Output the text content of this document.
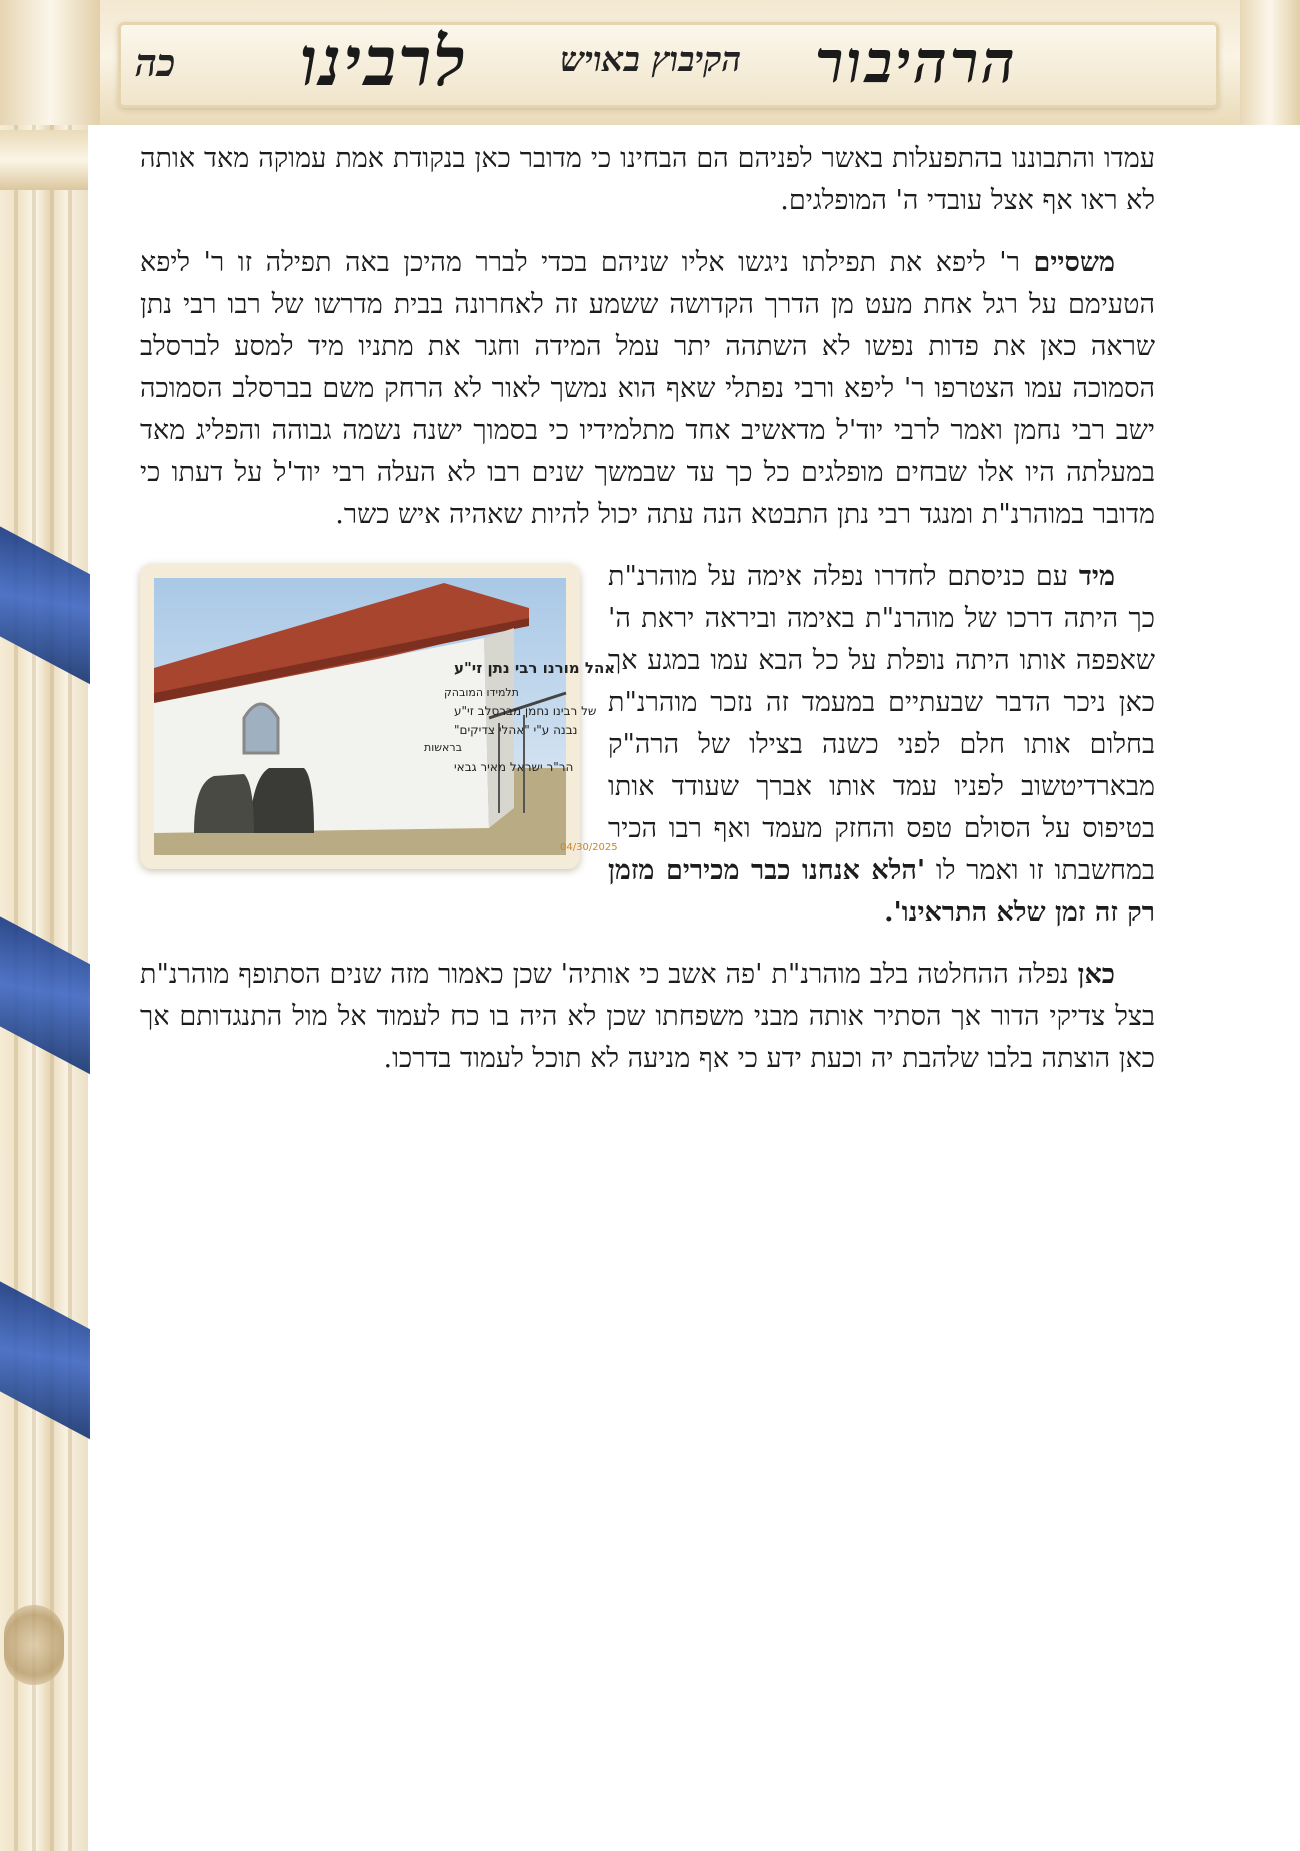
כה לרבינו	הקיבוץ באויש הרהיבור

עמדו והתבוננו בהתפעלות באשר לפניהם הם הבחינו כי מדובר כאן בנקודת אמת עמוקה מאד אותה לא ראו אף אצל עובדי ה' המופלגים.

משסיים ר' ליפא את תפילתו ניגשו אליו שניהם בכדי לברר מהיכן באה תפילה זו ר' ליפא הטעימם על רגל אחת מעט מן הדרך הקדושה ששמע זה לאחרונה בבית מדרשו של רבו רבי נתן שראה כאן את פדות נפשו לא השתהה יתר עמל המידה וחגר את מתניו מיד למסע לברסלב הסמוכה עמו הצטרפו ר' ליפא ורבי נפתלי שאף הוא נמשך לאור לא הרחק משם בברסלב הסמוכה ישב רבי נחמן ואמר לרבי יוד'ל מדאשיב אחד מתלמידיו כי בסמוך ישנה נשמה גבוהה והפליג מאד במעלתה היו אלו שבחים מופלגים כל כך עד שבמשך שנים רבו לא העלה רבי יוד'ל על דעתו כי מדובר במוהרנ"ת ומנגד רבי נתן התבטא הנה עתה יכול להיות שאהיה איש כשר.

אהל מורנו רבי נתן זי"ע
תלמידו המובהק
של רבינו נחמן מברסלב זי"ע
נבנה ע"י "אהלי צדיקים"
בראשות
הר"ר ישראל מאיר גבאי
04/30/2025
מיד עם כניסתם לחדרו נפלה אימה על מוהרנ"ת כך היתה דרכו של מוהרנ"ת באימה וביראה יראת ה' שאפפה אותו היתה נופלת על כל הבא עמו במגע אך כאן ניכר הדבר שבעתיים במעמד זה נזכר מוהרנ"ת בחלום אותו חלם לפני כשנה בצילו של הרה"ק מבארדיטשוב לפניו עמד אותו אברך שעודד אותו בטיפוס על הסולם טפס והחזק מעמד ואף רבו הכיר במחשבתו זו ואמר לו 'הלא אנחנו כבר מכירים מזמן רק זה זמן שלא התראינו'.

כאן נפלה ההחלטה בלב מוהרנ"ת 'פה אשב כי אותיה' שכן כאמור מזה שנים הסתופף מוהרנ"ת בצל צדיקי הדור אך הסתיר אותה מבני משפחתו שכן לא היה בו כח לעמוד אל מול התנגדותם אך כאן הוצתה בלבו שלהבת יה וכעת ידע כי אף מניעה לא תוכל לעמוד בדרכו.
